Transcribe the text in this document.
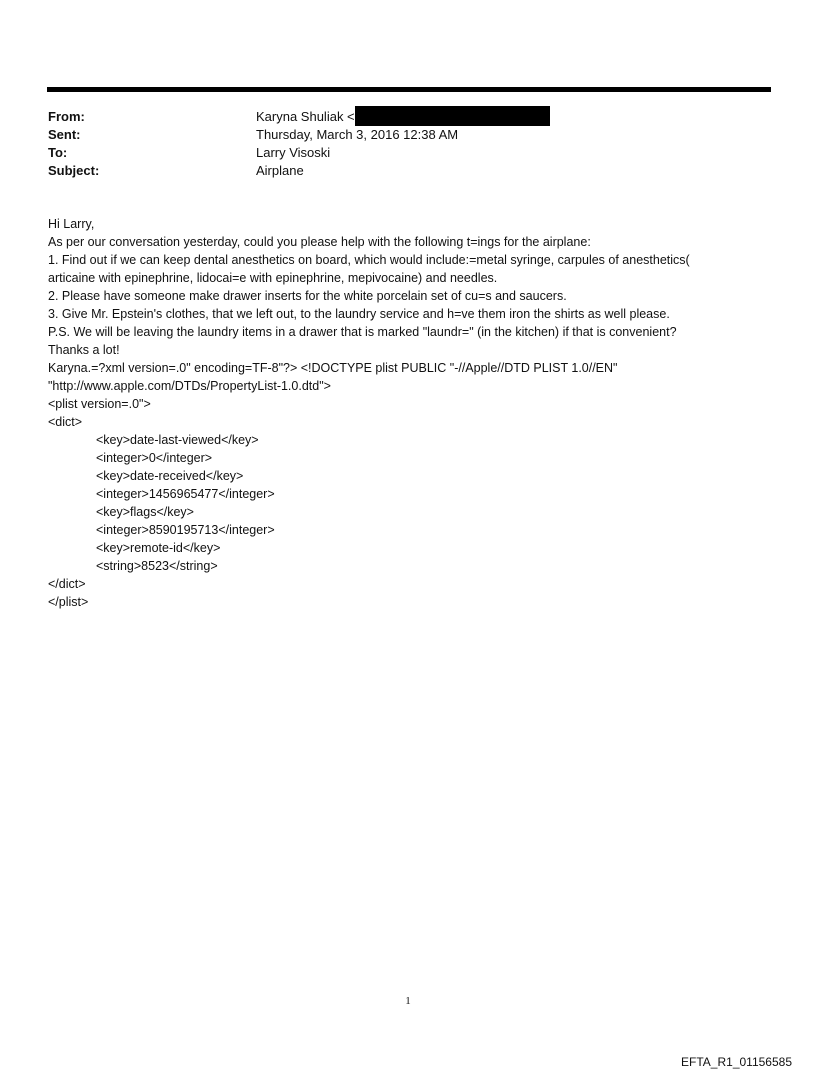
From:	Karyna Shuliak <
Sent:	Thursday, March 3, 2016 12:38 AM
To:	Larry Visoski
Subject:	Airplane
Hi Larry,
As per our conversation yesterday, could you please help with the following t=ings for the airplane:
1. Find out if we can keep dental anesthetics on board, which would include:=metal syringe, carpules of anesthetics(
articaine with epinephrine, lidocai=e with epinephrine, mepivocaine) and needles.
2. Please have someone make drawer inserts for the white porcelain set of cu=s and saucers.
3. Give Mr. Epstein's clothes, that we left out, to the laundry service and h=ve them iron the shirts as well please.
P.S. We will be leaving the laundry items in a drawer that is marked "laundr=" (in the kitchen) if that is convenient?
Thanks a lot!
Karyna.=?xml version=.0" encoding=TF-8"?> <!DOCTYPE plist PUBLIC "-//Apple//DTD PLIST 1.0//EN"
"http://www.apple.com/DTDs/PropertyList-1.0.dtd">
<plist version=.0">
<dict>
<key>date-last-viewed</key>
<integer>0</integer>
<key>date-received</key>
<integer>1456965477</integer>
<key>flags</key>
<integer>8590195713</integer>
<key>remote-id</key>
<string>8523</string>
</dict>
</plist>
1
EFTA_R1_01156585
